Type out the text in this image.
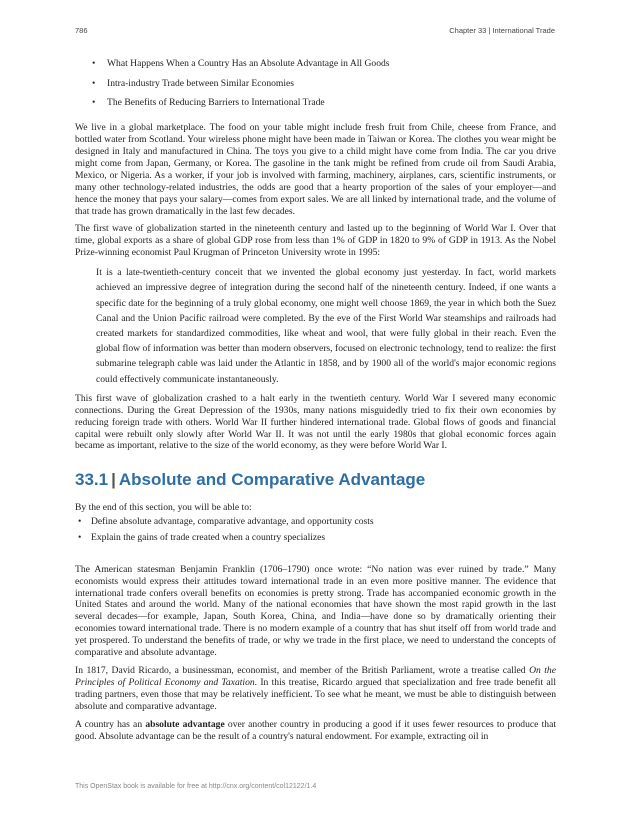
786	Chapter 33 | International Trade
• What Happens When a Country Has an Absolute Advantage in All Goods
• Intra-industry Trade between Similar Economies
• The Benefits of Reducing Barriers to International Trade

We live in a global marketplace. The food on your table might include fresh fruit from Chile, cheese from France, and bottled water from Scotland. Your wireless phone might have been made in Taiwan or Korea. The clothes you wear might be designed in Italy and manufactured in China. The toys you give to a child might have come from India. The car you drive might come from Japan, Germany, or Korea. The gasoline in the tank might be refined from crude oil from Saudi Arabia, Mexico, or Nigeria. As a worker, if your job is involved with farming, machinery, airplanes, cars, scientific instruments, or many other technology-related industries, the odds are good that a hearty proportion of the sales of your employer—and hence the money that pays your salary—comes from export sales. We are all linked by international trade, and the volume of that trade has grown dramatically in the last few decades.

The first wave of globalization started in the nineteenth century and lasted up to the beginning of World War I. Over that time, global exports as a share of global GDP rose from less than 1% of GDP in 1820 to 9% of GDP in 1913. As the Nobel Prize-winning economist Paul Krugman of Princeton University wrote in 1995:

It is a late-twentieth-century conceit that we invented the global economy just yesterday. In fact, world markets achieved an impressive degree of integration during the second half of the nineteenth century. Indeed, if one wants a specific date for the beginning of a truly global economy, one might well choose 1869, the year in which both the Suez Canal and the Union Pacific railroad were completed. By the eve of the First World War steamships and railroads had created markets for standardized commodities, like wheat and wool, that were fully global in their reach. Even the global flow of information was better than modern observers, focused on electronic technology, tend to realize: the first submarine telegraph cable was laid under the Atlantic in 1858, and by 1900 all of the world's major economic regions could effectively communicate instantaneously.

This first wave of globalization crashed to a halt early in the twentieth century. World War I severed many economic connections. During the Great Depression of the 1930s, many nations misguidedly tried to fix their own economies by reducing foreign trade with others. World War II further hindered international trade. Global flows of goods and financial capital were rebuilt only slowly after World War II. It was not until the early 1980s that global economic forces again became as important, relative to the size of the world economy, as they were before World War I.

33.1 | Absolute and Comparative Advantage

By the end of this section, you will be able to:

• Define absolute advantage, comparative advantage, and opportunity costs
• Explain the gains of trade created when a country specializes

The American statesman Benjamin Franklin (1706–1790) once wrote: “No nation was ever ruined by trade.” Many economists would express their attitudes toward international trade in an even more positive manner. The evidence that international trade confers overall benefits on economies is pretty strong. Trade has accompanied economic growth in the United States and around the world. Many of the national economies that have shown the most rapid growth in the last several decades—for example, Japan, South Korea, China, and India—have done so by dramatically orienting their economies toward international trade. There is no modern example of a country that has shut itself off from world trade and yet prospered. To understand the benefits of trade, or why we trade in the first place, we need to understand the concepts of comparative and absolute advantage.

In 1817, David Ricardo, a businessman, economist, and member of the British Parliament, wrote a treatise called On the Principles of Political Economy and Taxation. In this treatise, Ricardo argued that specialization and free trade benefit all trading partners, even those that may be relatively inefficient. To see what he meant, we must be able to distinguish between absolute and comparative advantage.

A country has an absolute advantage over another country in producing a good if it uses fewer resources to produce that good. Absolute advantage can be the result of a country's natural endowment. For example, extracting oil in

This OpenStax book is available for free at http://cnx.org/content/col12122/1.4
